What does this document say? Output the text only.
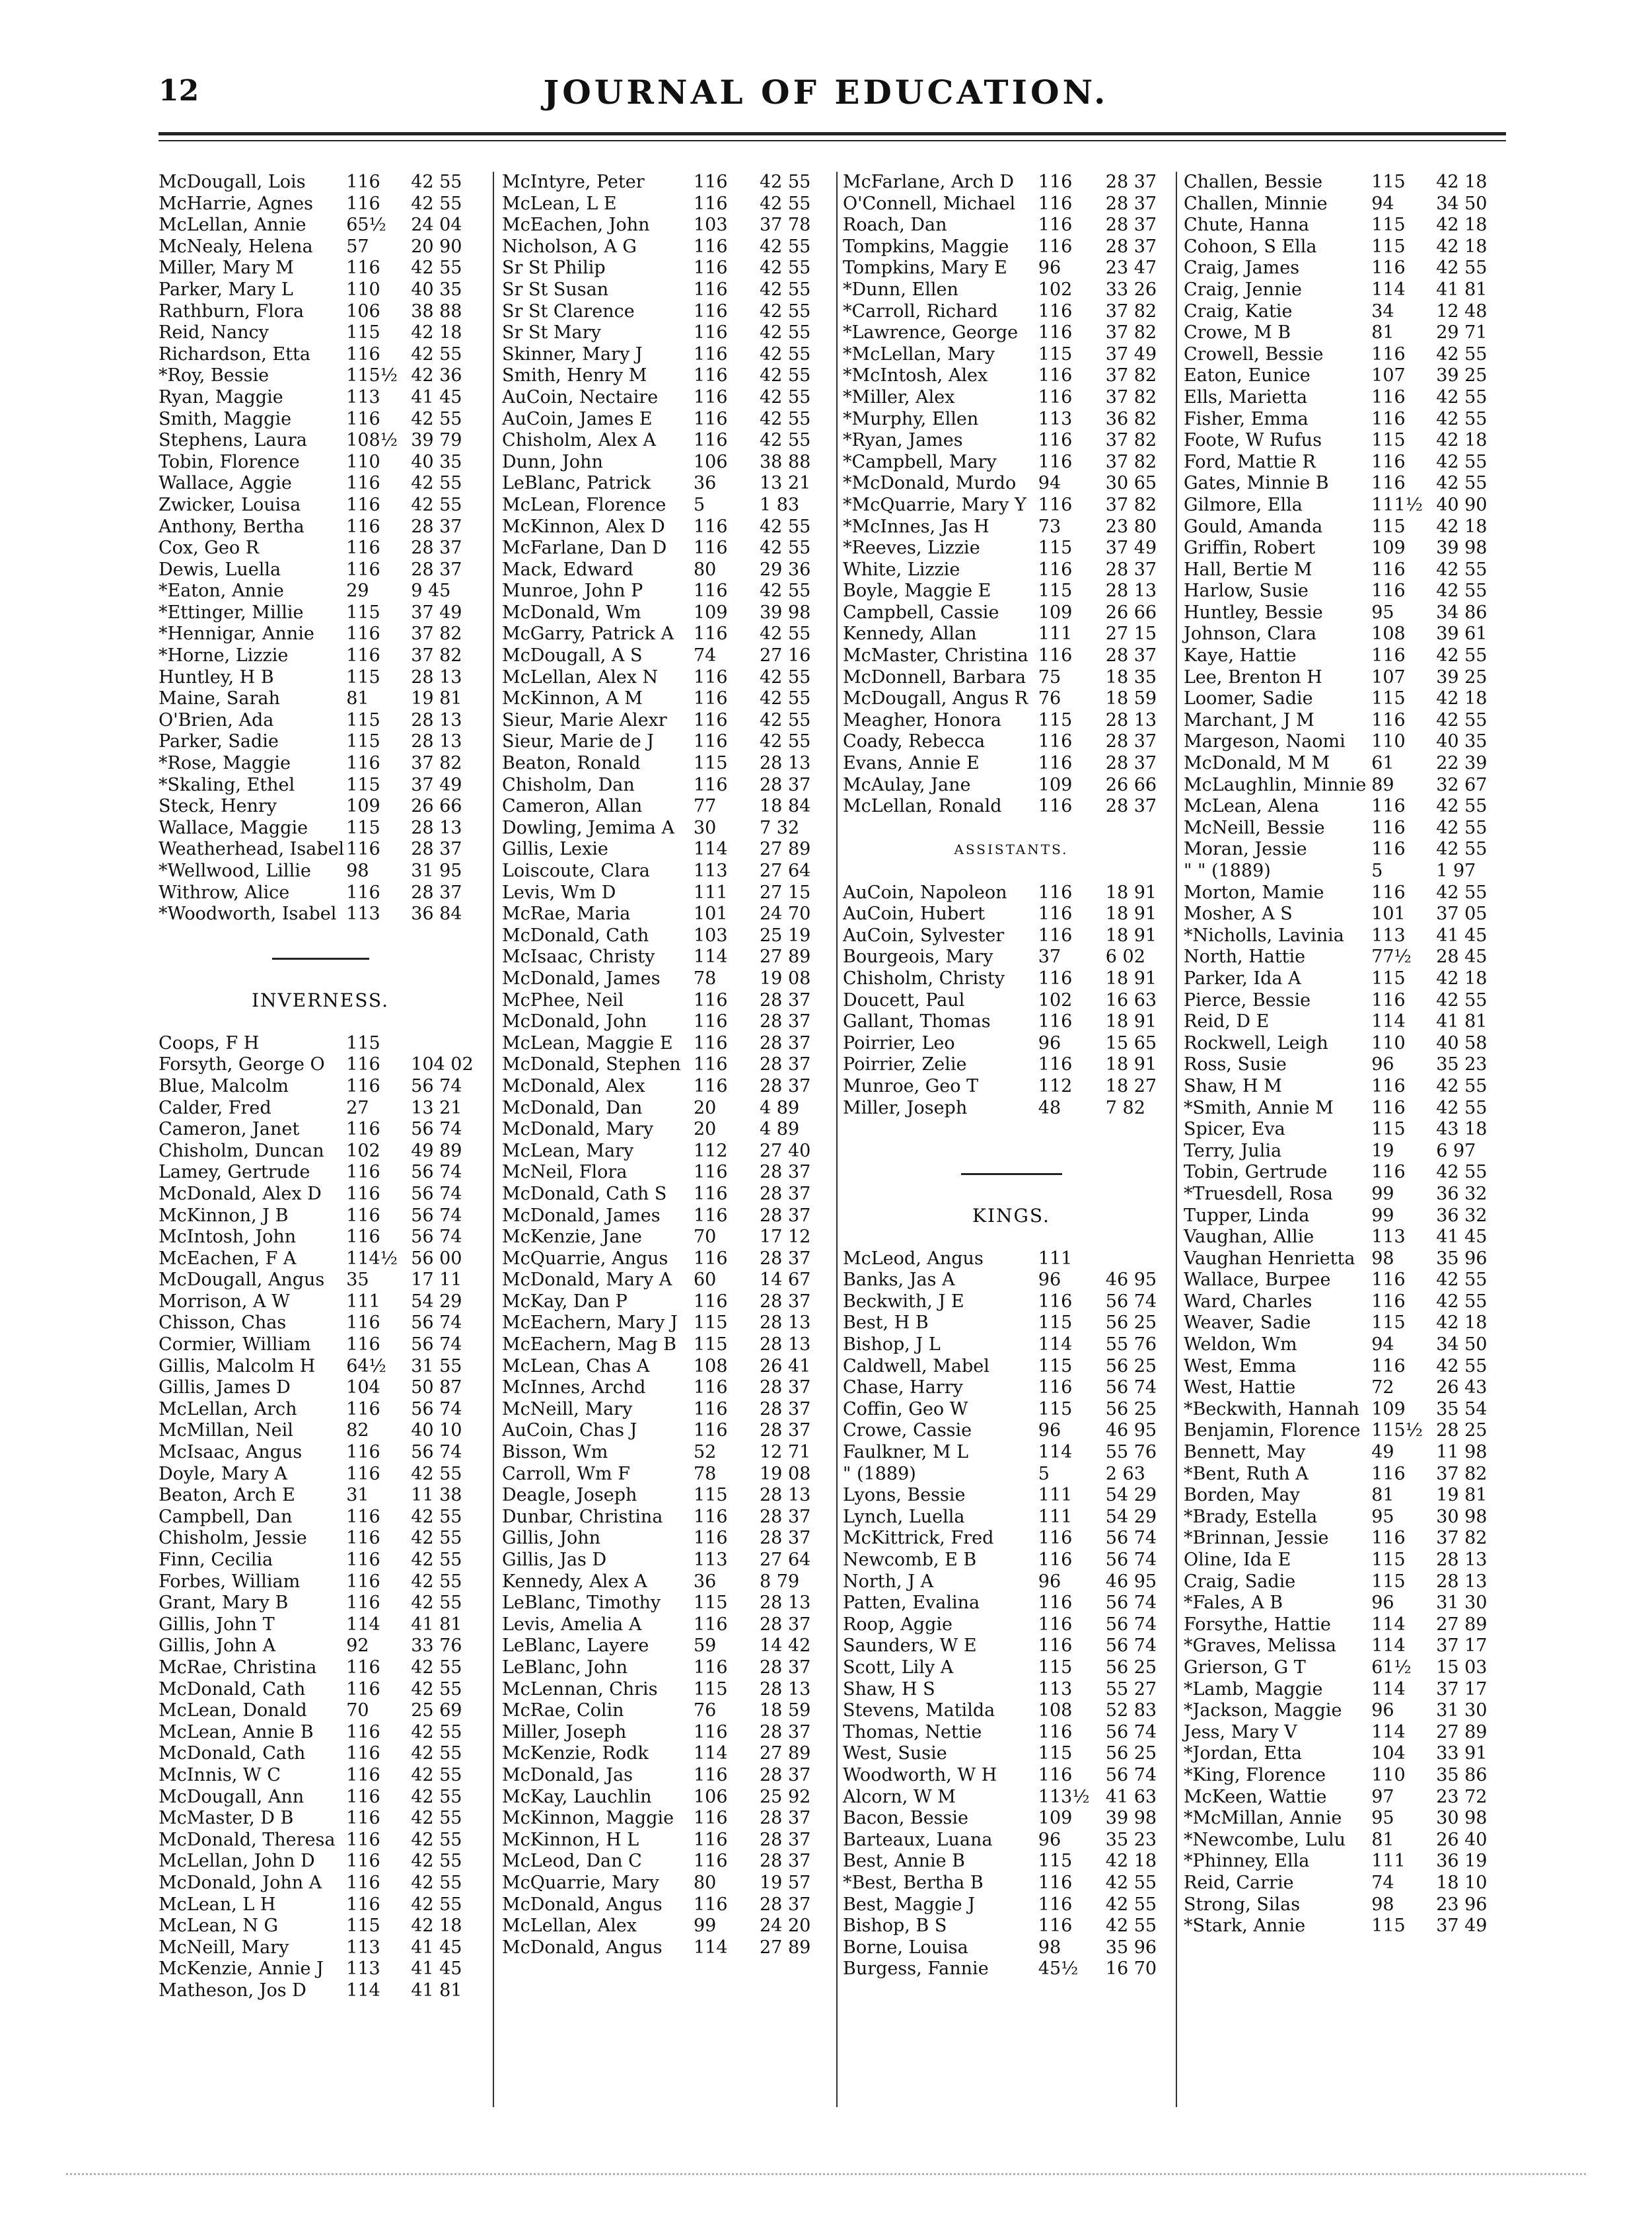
12	JOURNAL OF EDUCATION.
McDougall, Lois 116 42 55
McHarrie, Agnes 116 42 55
McLellan, Annie 65½ 24 04
McNealy, Helena 57 20 90
Miller, Mary M	116 42 55
Parker, Mary L	110 40 35
Rathburn, Flora 106 38 88
Reid, Nancy	115 42 18
Richardson, Etta 116 42 55
*Roy, Bessie	115½ 42 36
Ryan, Maggie	113 41 45
Smith, Maggie	116 42 55
Stephens, Laura 108½ 39 79
Tobin, Florence	110 40 35
Wallace, Aggie	116 42 55
Zwicker, Louisa	116 42 55
Anthony, Bertha 116 28 37
Cox, Geo R	116 28 37
Dewis, Luella	116 28 37
*Eaton, Annie	29 9 45
*Ettinger, Millie 115 37 49
*Hennigar, Annie 116 37 82
*Horne, Lizzie	116 37 82
Huntley, H B	115 28 13
Maine, Sarah	81 19 81
O'Brien, Ada	115 28 13
Parker, Sadie	115 28 13
*Rose, Maggie	116 37 82
*Skaling, Ethel	115 37 49
Steck, Henry	109 26 66
Wallace, Maggie 115 28 13
Weatherhead, Isabel 116 28 37
*Wellwood, Lillie 98 31 95
Withrow, Alice	116 28 37
*Woodworth, Isabel 113 36 84
INVERNESS.
Coops, F H	115
Forsyth, George O 116 104 02
Blue, Malcolm	116 56 74
Calder, Fred	27 13 21
Cameron, Janet	116 56 74
Chisholm, Duncan 102 49 89
Lamey, Gertrude 116 56 74
McDonald, Alex D 116 56 74
McKinnon, J B	116 56 74
McIntosh, John	116 56 74
McEachen, F A	114½ 56 00
McDougall, Angus 35 17 11
Morrison, A W	111 54 29
Chisson, Chas	116 56 74
Cormier, William 116 56 74
Gillis, Malcolm H 64½ 31 55
Gillis, James D	104 50 87
McLellan, Arch	116 56 74
McMillan, Neil	82 40 10
McIsaac, Angus 116 56 74
Doyle, Mary A	116 42 55
Beaton, Arch E	31 11 38
Campbell, Dan	116 42 55
Chisholm, Jessie 116 42 55
Finn, Cecilia	116 42 55
Forbes, William	116 42 55
Grant, Mary B	116 42 55
Gillis, John T	114 41 81
Gillis, John A	92 33 76
McRae, Christina 116 42 55
McDonald, Cath 116 42 55
McLean, Donald 70 25 69
McLean, Annie B 116 42 55
McDonald, Cath 116 42 55
McInnis, W C	116 42 55
McDougall, Ann 116 42 55
McMaster, D B	116 42 55
McDonald, Theresa 116 42 55
McLellan, John D 116 42 55
McDonald, John A 116 42 55
McLean, L H	116 42 55
McLean, N G	115 42 18
McNeill, Mary	113 41 45
McKenzie, Annie J 113 41 45
Matheson, Jos D 114 41 81
McIntyre, Peter	116 42 55
McLean, L E	116 42 55
McEachen, John 103 37 78
Nicholson, A G	116 42 55
Sr St Philip	116 42 55
Sr St Susan	116 42 55
Sr St Clarence	116 42 55
Sr St Mary	116 42 55
Skinner, Mary J	116 42 55
Smith, Henry M	116 42 55
AuCoin, Nectaire 116 42 55
AuCoin, James E 116 42 55
Chisholm, Alex A 116 42 55
Dunn, John	106 38 88
LeBlanc, Patrick 36 13 21
McLean, Florence 5	1 83
McKinnon, Alex D 116 42 55
McFarlane, Dan D 116 42 55
Mack, Edward	80 29 36
Munroe, John P	116 42 55
McDonald, Wm	109 39 98
McGarry, Patrick A 116 42 55
McDougall, A S	74 27 16
McLellan, Alex N 116 42 55
McKinnon, A M	116 42 55
Sieur, Marie Alexr 116 42 55
Sieur, Marie de J 116 42 55
Beaton, Ronald	115 28 13
Chisholm, Dan	116 28 37
Cameron, Allan	77 18 84
Dowling, Jemima A 30 7 32
Gillis, Lexie	114 27 89
Loiscoute, Clara 113 27 64
Levis, Wm D	111 27 15
McRae, Maria	101 24 70
McDonald, Cath	103 25 19
McIsaac, Christy 114 27 89
McDonald, James 78 19 08
McPhee, Neil	116 28 37
McDonald, John	116 28 37
McLean, Maggie E 116 28 37
McDonald, Stephen 116 28 37
McDonald, Alex	116 28 37
McDonald, Dan	20 4 89
McDonald, Mary 20 4 89
McLean, Mary	112 27 40
McNeil, Flora	116 28 37
McDonald, Cath S 116 28 37
McDonald, James 116 28 37
McKenzie, Jane	70 17 12
McQuarrie, Angus 116 28 37
McDonald, Mary A 60 14 67
McKay, Dan P	116 28 37
McEachern, Mary J 115 28 13
McEachern, Mag B 115 28 13
McLean, Chas A 108 26 41
McInnes, Archd	116 28 37
McNeill, Mary	116 28 37
AuCoin, Chas J	116 28 37
Bisson, Wm	52 12 71
Carroll, Wm F	78 19 08
Deagle, Joseph	115 28 13
Dunbar, Christina 116 28 37
Gillis, John	116 28 37
Gillis, Jas D	113 27 64
Kennedy, Alex A	36 8 79
LeBlanc, Timothy 115 28 13
Levis, Amelia A	116 28 37
LeBlanc, Layere	59 14 42
LeBlanc, John	116 28 37
McLennan, Chris 115 28 13
McRae, Colin	76 18 59
Miller, Joseph	116 28 37
McKenzie, Rodk	114 27 89
McDonald, Jas	116 28 37
McKay, Lauchlin 106 25 92
McKinnon, Maggie 116 28 37
McKinnon, H L	116 28 37
McLeod, Dan C	116 28 37
McQuarrie, Mary 80 19 57
McDonald, Angus 116 28 37
McLellan, Alex	99 24 20
McDonald, Angus 114 27 89
McFarlane, Arch D 116 28 37
O'Connell, Michael 116 28 37
Roach, Dan	116 28 37
Tompkins, Maggie 116 28 37
Tompkins, Mary E 96	23 47
*Dunn, Ellen	102 33 26
*Carroll, Richard 116 37 82
*Lawrence, George 116 37 82
*McLellan, Mary 115 37 49
*McIntosh, Alex	116 37 82
*Miller, Alex	116 37 82
*Murphy, Ellen	113 36 82
*Ryan, James	116 37 82
*Campbell, Mary 116 37 82
*McDonald, Murdo 94	30 65
*McQuarrie, Mary Y 116 37 82
*McInnes, Jas H	73	23 80
*Reeves, Lizzie	115 37 49
White, Lizzie	116 28 37
Boyle, Maggie E	115 28 13
Campbell, Cassie 109 26 66
Kennedy, Allan	111 27 15
McMaster, Christina 116 28 37
McDonnell, Barbara 75	18 35
McDougall, Angus R 76	18 59
Meagher, Honora 115 28 13
Coady, Rebecca	116 28 37
Evans, Annie E	116 28 37
McAulay, Jane	109 26 66
McLellan, Ronald 116 28 37
ASSISTANTS.
AuCoin, Napoleon 116 18 91
AuCoin, Hubert	116 18 91
AuCoin, Sylvester 116 18 91
Bourgeois, Mary	37	6 02
Chisholm, Christy 116 18 91
Doucett, Paul	102 16 63
Gallant, Thomas	116 18 91
Poirrier, Leo	96	15 65
Poirrier, Zelie	116 18 91
Munroe, Geo T	112 18 27
Miller, Joseph	48	7 82
KINGS.
McLeod, Angus	111
Banks, Jas A	96	46 95
Beckwith, J E	116 56 74
Best, H B	115 56 25
Bishop, J L	114 55 76
Caldwell, Mabel	115 56 25
Chase, Harry	116 56 74
Coffin, Geo W	115 56 25
Crowe, Cassie	96	46 95
Faulkner, M L	114 55 76
" (1889)	5	2 63
Lyons, Bessie	111 54 29
Lynch, Luella	111 54 29
McKittrick, Fred 116 56 74
Newcomb, E B	116 56 74
North, J A	96	46 95
Patten, Evalina	116 56 74
Roop, Aggie	116 56 74
Saunders, W E	116 56 74
Scott, Lily A	115 56 25
Shaw, H S	113 55 27
Stevens, Matilda 108 52 83
Thomas, Nettie	116 56 74
West, Susie	115 56 25
Woodworth, W H 116 56 74
Alcorn, W M	113½ 41 63
Bacon, Bessie	109 39 98
Barteaux, Luana	96	35 23
Best, Annie B	115 42 18
*Best, Bertha B	116 42 55
Best, Maggie J	116 42 55
Bishop, B S	116 42 55
Borne, Louisa	98	35 96
Burgess, Fannie	45½ 16 70
Challen, Bessie	115 42 18
Challen, Minnie 94 34 50
Chute, Hanna	115 42 18
Cohoon, S Ella	115 42 18
Craig, James	116 42 55
Craig, Jennie	114 41 81
Craig, Katie	34 12 48
Crowe, M B	81 29 71
Crowell, Bessie	116 42 55
Eaton, Eunice	107 39 25
Ells, Marietta	116 42 55
Fisher, Emma	116 42 55
Foote, W Rufus	115 42 18
Ford, Mattie R	116 42 55
Gates, Minnie B 116 42 55
Gilmore, Ella	111½ 40 90
Gould, Amanda	115 42 18
Griffin, Robert	109 39 98
Hall, Bertie M	116 42 55
Harlow, Susie	116 42 55
Huntley, Bessie	95 34 86
Johnson, Clara	108 39 61
Kaye, Hattie	116 42 55
Lee, Brenton H	107 39 25
Loomer, Sadie	115 42 18
Marchant, J M	116 42 55
Margeson, Naomi 110 40 35
McDonald, M M 61 22 39
McLaughlin, Minnie 89 32 67
McLean, Alena	116 42 55
McNeill, Bessie	116 42 55
Moran, Jessie	116 42 55
" " (1889)	5	1 97
Morton, Mamie	116 42 55
Mosher, A S	101 37 05
*Nicholls, Lavinia 113 41 45
North, Hattie	77½ 28 45
Parker, Ida A	115 42 18
Pierce, Bessie	116 42 55
Reid, D E	114 41 81
Rockwell, Leigh 110 40 58
Ross, Susie	96 35 23
Shaw, H M	116 42 55
*Smith, Annie M 116 42 55
Spicer, Eva	115 43 18
Terry, Julia	19 6 97
Tobin, Gertrude 116 42 55
*Truesdell, Rosa 99 36 32
Tupper, Linda	99 36 32
Vaughan, Allie	113 41 45
Vaughan Henrietta 98 35 96
Wallace, Burpee 116 42 55
Ward, Charles	116 42 55
Weaver, Sadie	115 42 18
Weldon, Wm	94 34 50
West, Emma	116 42 55
West, Hattie	72 26 43
*Beckwith, Hannah 109 35 54
Benjamin, Florence 115½ 28 25
Bennett, May	49 11 98
*Bent, Ruth A	116 37 82
Borden, May	81 19 81
*Brady, Estella	95 30 98
*Brinnan, Jessie 116 37 82
Oline, Ida E	115 28 13
Craig, Sadie	115 28 13
*Fales, A B	96 31 30
Forsythe, Hattie 114 27 89
*Graves, Melissa 114 37 17
Grierson, G T	61½ 15 03
*Lamb, Maggie	114 37 17
*Jackson, Maggie 96 31 30
Jess, Mary V	114 27 89
*Jordan, Etta	104 33 91
*King, Florence	110 35 86
McKeen, Wattie	97 23 72
*McMillan, Annie 95 30 98
*Newcombe, Lulu 81 26 40
*Phinney, Ella	111 36 19
Reid, Carrie	74 18 10
Strong, Silas	98 23 96
*Stark, Annie	115 37 49
